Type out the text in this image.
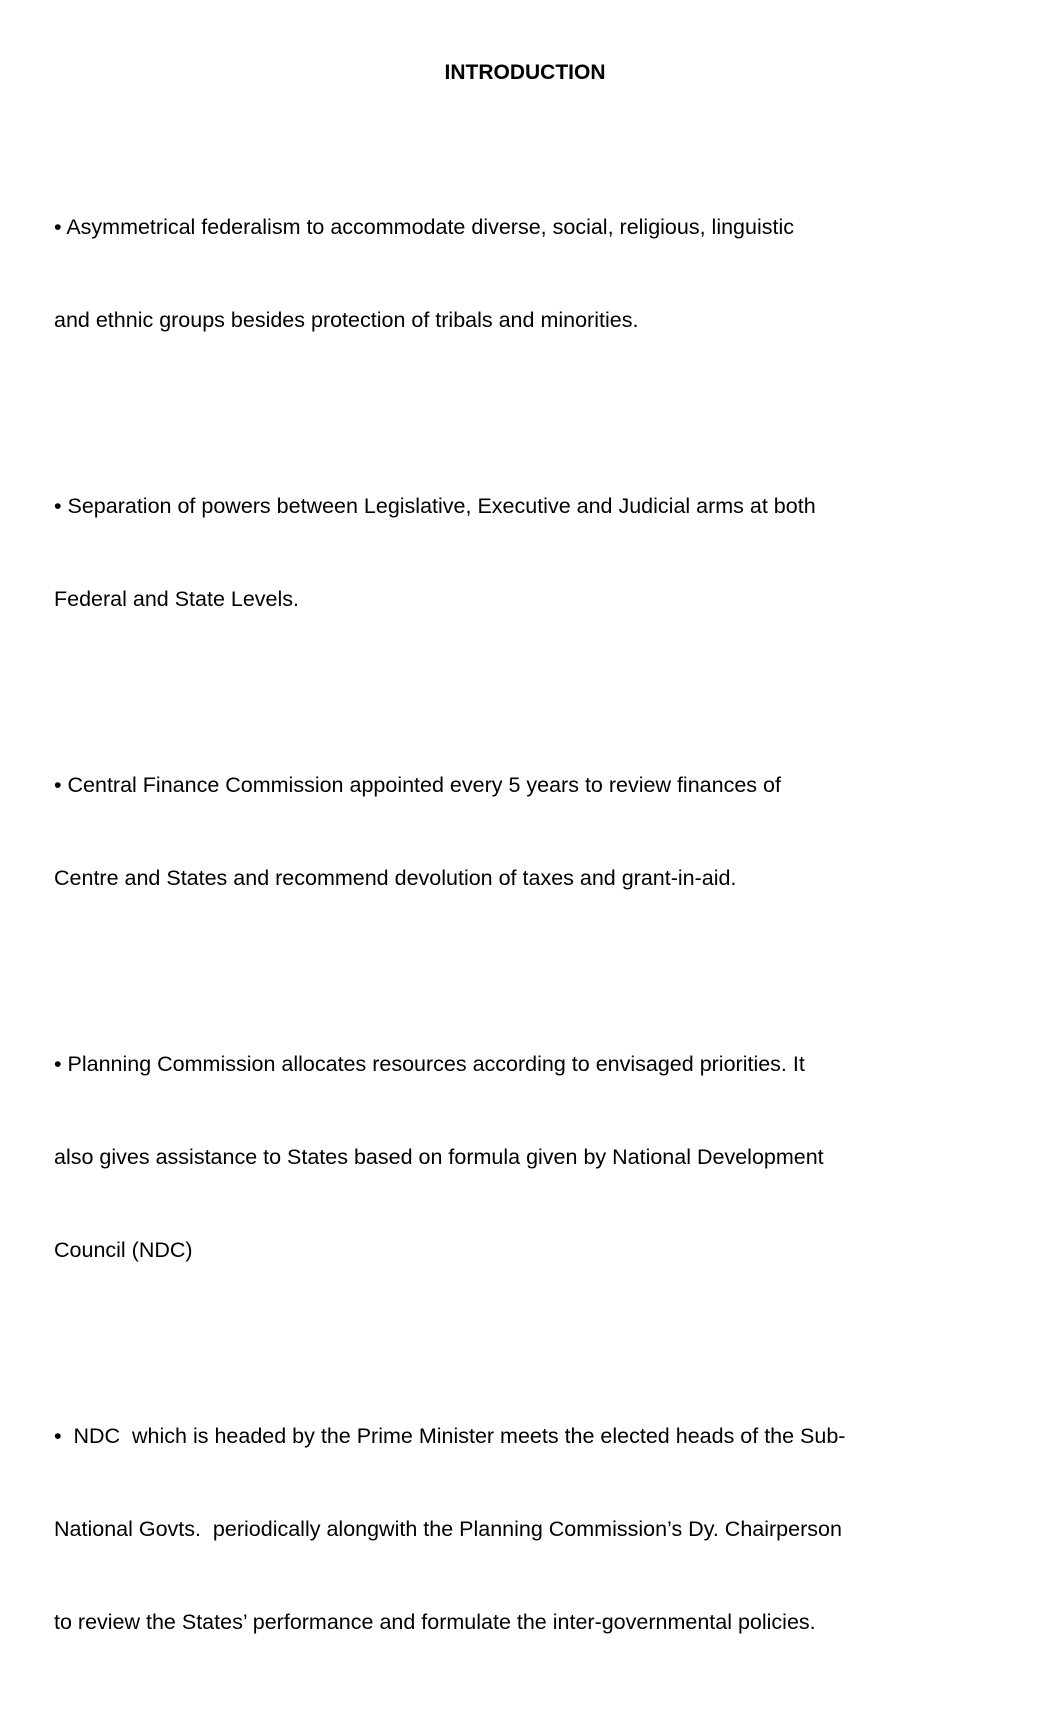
INTRODUCTION

• Asymmetrical federalism to accommodate diverse, social, religious, linguistic

and ethnic groups besides protection of tribals and minorities.

• Separation of powers between Legislative, Executive and Judicial arms at both

Federal and State Levels.

• Central Finance Commission appointed every 5 years to review finances of

Centre and States and recommend devolution of taxes and grant-in-aid.

• Planning Commission allocates resources according to envisaged priorities. It

also gives assistance to States based on formula given by National Development

Council (NDC)

•  NDC  which is headed by the Prime Minister meets the elected heads of the Sub-

National Govts.  periodically alongwith the Planning Commission’s Dy. Chairperson

to review the States’ performance and formulate the inter-governmental policies.
